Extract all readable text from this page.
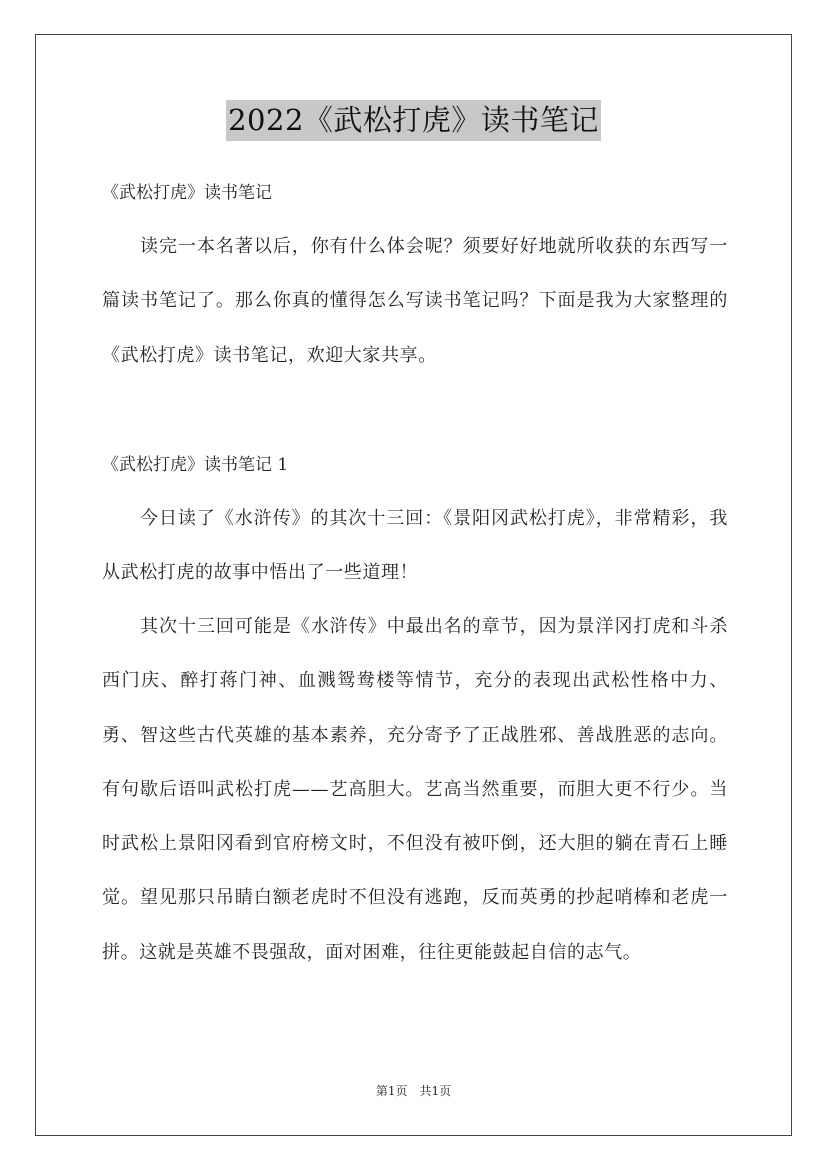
2022《武松打虎》读书笔记
《武松打虎》读书笔记

读完一本名著以后，你有什么体会呢？须要好好地就所收获的东西写一篇读书笔记了。那么你真的懂得怎么写读书笔记吗？下面是我为大家整理的《武松打虎》读书笔记，欢迎大家共享。

《武松打虎》读书笔记 1

今日读了《水浒传》的其次十三回：《景阳冈武松打虎》，非常精彩，我从武松打虎的故事中悟出了一些道理！

其次十三回可能是《水浒传》中最出名的章节，因为景洋冈打虎和斗杀西门庆、醉打蒋门神、血溅鸳鸯楼等情节，充分的表现出武松性格中力、勇、智这些古代英雄的基本素养，充分寄予了正战胜邪、善战胜恶的志向。有句歇后语叫武松打虎——艺高胆大。艺高当然重要，而胆大更不行少。当时武松上景阳冈看到官府榜文时，不但没有被吓倒，还大胆的躺在青石上睡觉。望见那只吊睛白额老虎时不但没有逃跑，反而英勇的抄起哨棒和老虎一拼。这就是英雄不畏强敌，面对困难，往往更能鼓起自信的志气。

第1页　共1页
